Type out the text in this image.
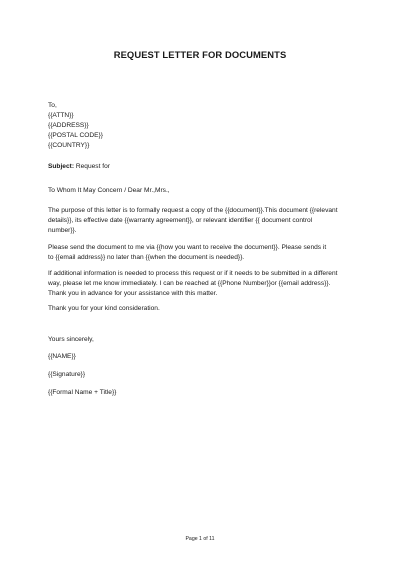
REQUEST LETTER FOR DOCUMENTS
To,
{{ATTN}}
{{ADDRESS}}
{{POSTAL CODE}}
{{COUNTRY}}
Subject: Request for
To Whom It May Concern / Dear Mr.,Mrs.,
The purpose of this letter is to formally request a copy of the {{document}}.This document {{relevant
details}}, its effective date {{warranty agreement}}, or relevant identifier {{ document control
number}}.
Please send the document to me via {{how you want to receive the document}}. Please sends it
to {{email address}} no later than {{when the document is needed}}.
If additional information is needed to process this request or if it needs to be submitted in a different
way, please let me know immediately. I can be reached at {{Phone Number}}or {{email address}}.
Thank you in advance for your assistance with this matter.
Thank you for your kind consideration.
Yours sincerely,
{{NAME}}
{{Signature}}
{{Formal Name + Title}}
Page 1 of 11
